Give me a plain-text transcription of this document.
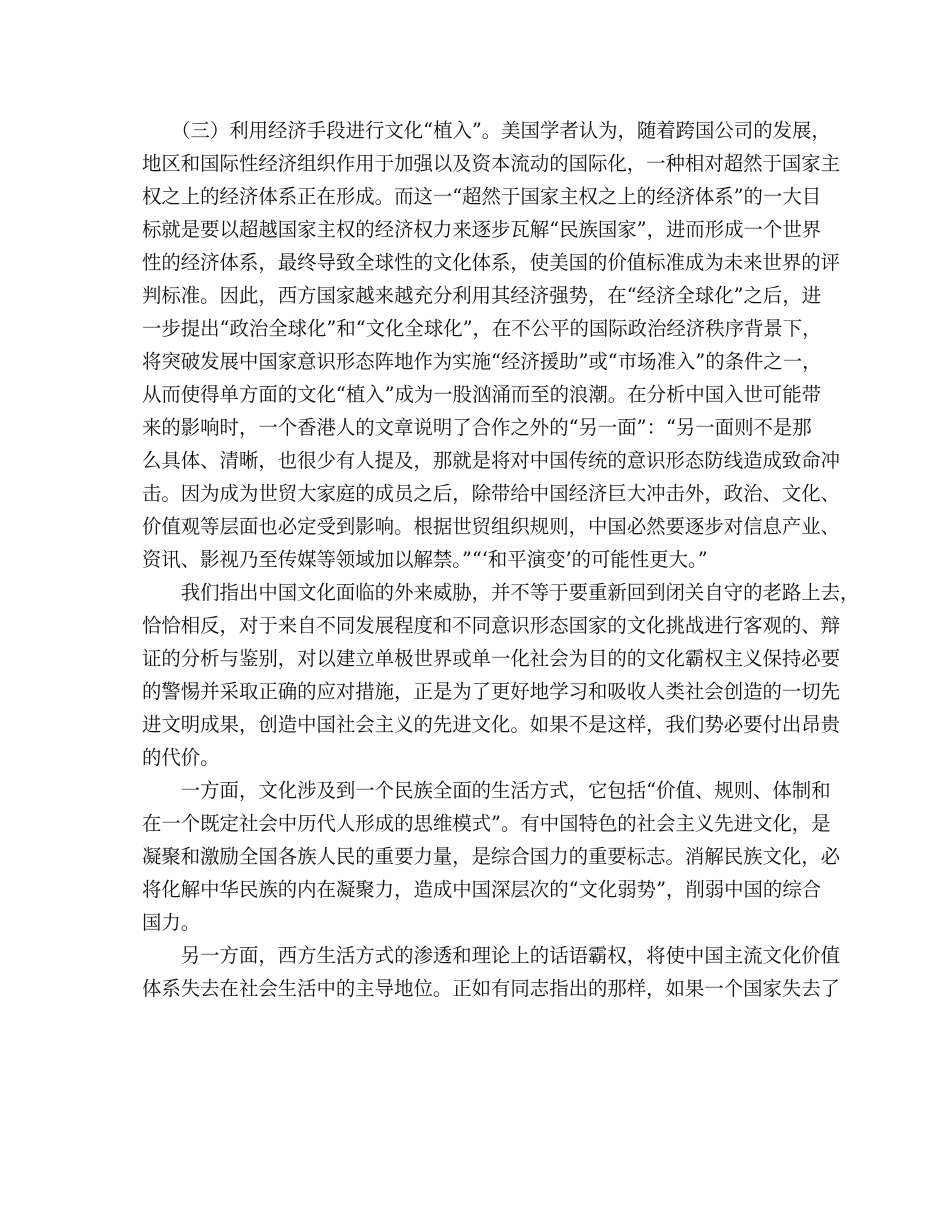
　　（三）利用经济手段进行文化“植入”。美国学者认为，随着跨国公司的发展，
地区和国际性经济组织作用于加强以及资本流动的国际化，一种相对超然于国家主
权之上的经济体系正在形成。而这一“超然于国家主权之上的经济体系”的一大目
标就是要以超越国家主权的经济权力来逐步瓦解“民族国家”，进而形成一个世界
性的经济体系，最终导致全球性的文化体系，使美国的价值标准成为未来世界的评
判标准。因此，西方国家越来越充分利用其经济强势，在“经济全球化”之后，进
一步提出“政治全球化”和“文化全球化”，在不公平的国际政治经济秩序背景下，
将突破发展中国家意识形态阵地作为实施“经济援助”或“市场准入”的条件之一，
从而使得单方面的文化“植入”成为一股汹涌而至的浪潮。在分析中国入世可能带
来的影响时，一个香港人的文章说明了合作之外的“另一面”：“另一面则不是那
么具体、清晰，也很少有人提及，那就是将对中国传统的意识形态防线造成致命冲
击。因为成为世贸大家庭的成员之后，除带给中国经济巨大冲击外，政治、文化、
价值观等层面也必定受到影响。根据世贸组织规则，中国必然要逐步对信息产业、
资讯、影视乃至传媒等领域加以解禁。”“‘和平演变’的可能性更大。”
　　我们指出中国文化面临的外来威胁，并不等于要重新回到闭关自守的老路上去，
恰恰相反，对于来自不同发展程度和不同意识形态国家的文化挑战进行客观的、辩
证的分析与鉴别，对以建立单极世界或单一化社会为目的的文化霸权主义保持必要
的警惕并采取正确的应对措施，正是为了更好地学习和吸收人类社会创造的一切先
进文明成果，创造中国社会主义的先进文化。如果不是这样，我们势必要付出昂贵
的代价。
　　一方面，文化涉及到一个民族全面的生活方式，它包括“价值、规则、体制和
在一个既定社会中历代人形成的思维模式”。有中国特色的社会主义先进文化，是
凝聚和激励全国各族人民的重要力量，是综合国力的重要标志。消解民族文化，必
将化解中华民族的内在凝聚力，造成中国深层次的“文化弱势”，削弱中国的综合
国力。
　　另一方面，西方生活方式的渗透和理论上的话语霸权，将使中国主流文化价值
体系失去在社会生活中的主导地位。正如有同志指出的那样，如果一个国家失去了
